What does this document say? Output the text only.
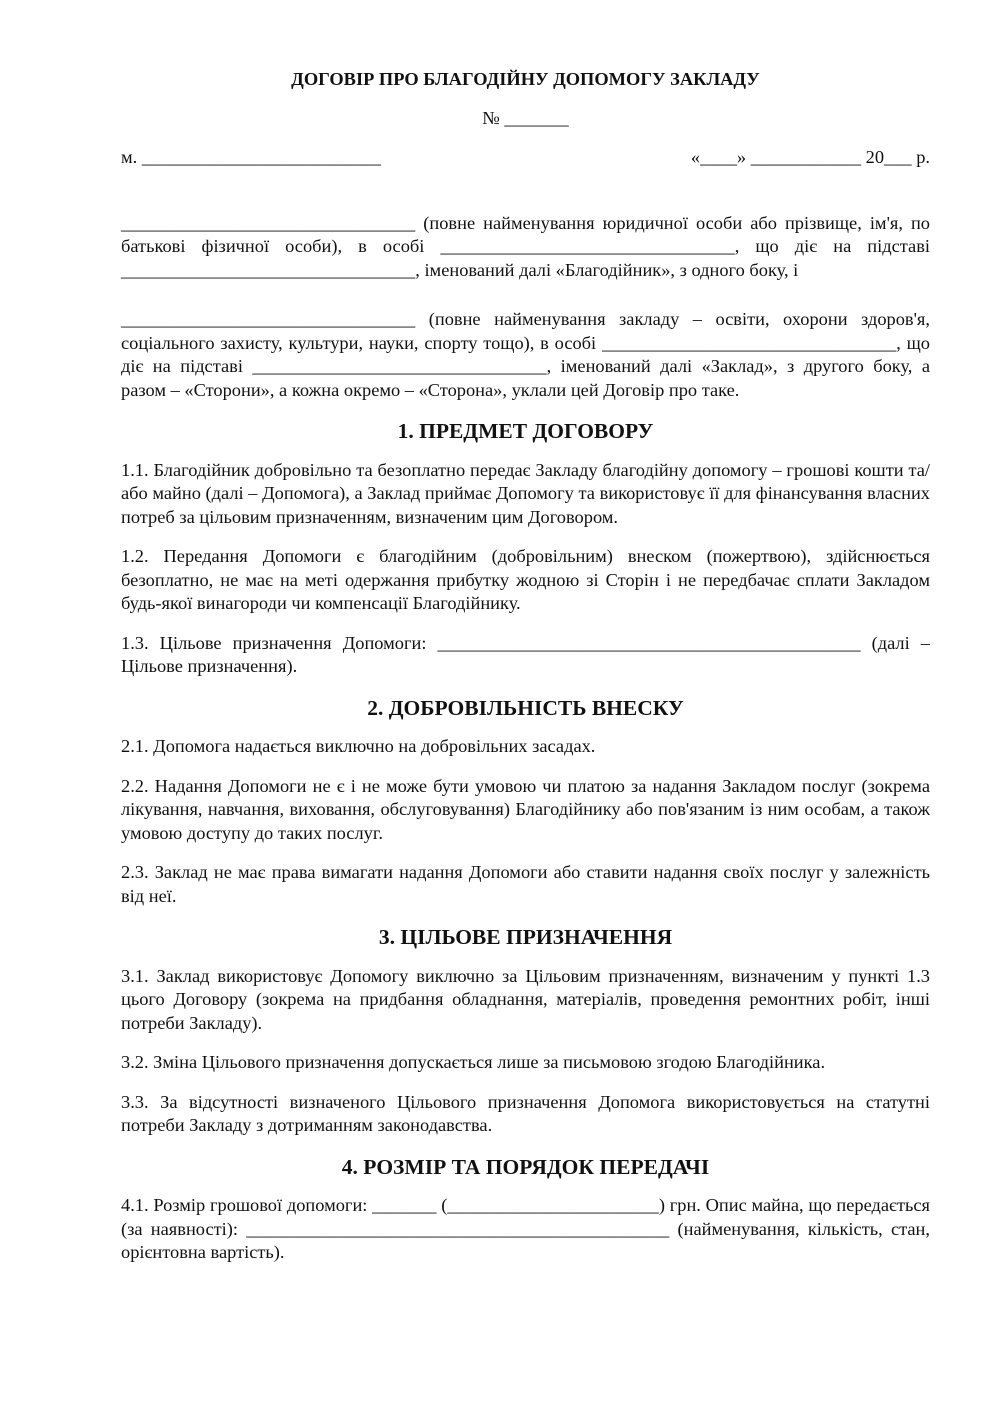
ДОГОВІР ПРО БЛАГОДІЙНУ ДОПОМОГУ ЗАКЛАДУ
№ _______
м. __________________________	«____» ____________ 20___ р.

________________________________ (повне найменування юридичної особи або прізвище, ім'я, по батькові фізичної особи), в особі ________________________________, що діє на підставі ________________________________, іменований далі «Благодійник», з одного боку, і

________________________________ (повне найменування закладу – освіти, охорони здоров'я, соціального захисту, культури, науки, спорту тощо), в особі ________________________________, що діє на підставі ________________________________, іменований далі «Заклад», з другого боку, а разом – «Сторони», а кожна окремо – «Сторона», уклали цей Договір про таке.

1. ПРЕДМЕТ ДОГОВОРУ

1.1. Благодійник добровільно та безоплатно передає Закладу благодійну допомогу – грошові кошти та/або майно (далі – Допомога), а Заклад приймає Допомогу та використовує її для фінансування власних потреб за цільовим призначенням, визначеним цим Договором.

1.2. Передання Допомоги є благодійним (добровільним) внеском (пожертвою), здійснюється безоплатно, не має на меті одержання прибутку жодною зі Сторін і не передбачає сплати Закладом будь-якої винагороди чи компенсації Благодійнику.

1.3. Цільове призначення Допомоги: ______________________________________________ (далі – Цільове призначення).

2. ДОБРОВІЛЬНІСТЬ ВНЕСКУ

2.1. Допомога надається виключно на добровільних засадах.

2.2. Надання Допомоги не є і не може бути умовою чи платою за надання Закладом послуг (зокрема лікування, навчання, виховання, обслуговування) Благодійнику або пов'язаним із ним особам, а також умовою доступу до таких послуг.

2.3. Заклад не має права вимагати надання Допомоги або ставити надання своїх послуг у залежність від неї.

3. ЦІЛЬОВЕ ПРИЗНАЧЕННЯ

3.1. Заклад використовує Допомогу виключно за Цільовим призначенням, визначеним у пункті 1.3 цього Договору (зокрема на придбання обладнання, матеріалів, проведення ремонтних робіт, інші потреби Закладу).

3.2. Зміна Цільового призначення допускається лише за письмовою згодою Благодійника.

3.3. За відсутності визначеного Цільового призначення Допомога використовується на статутні потреби Закладу з дотриманням законодавства.

4. РОЗМІР ТА ПОРЯДОК ПЕРЕДАЧІ

4.1. Розмір грошової допомоги: _______ (_______________________) грн. Опис майна, що передається (за наявності): ______________________________________________ (найменування, кількість, стан, орієнтовна вартість).
